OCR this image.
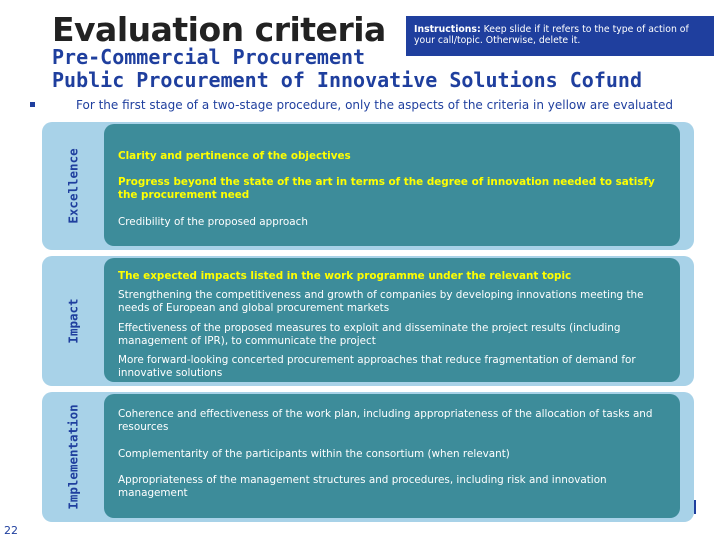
Evaluation criteria	Instructions: Keep slide if it refers to the type of action of your call/topic. Otherwise, delete it.
Pre-Commercial Procurement
Public Procurement of Innovative Solutions Cofund
For the first stage of a two-stage procedure, only the aspects of the criteria in yellow are evaluated
Excellence	Clarity and pertinence of the objectives
Progress beyond the state of the art in terms of the degree of innovation needed to satisfy the procurement need
Credibility of the proposed approach
Impact
The expected impacts listed in the work programme under the relevant topic
Strengthening the competitiveness and growth of companies by developing innovations meeting the needs of European and global procurement markets
Effectiveness of the proposed measures to exploit and disseminate the project results (including management of IPR), to communicate the project
More forward-looking concerted procurement approaches that reduce fragmentation of demand for innovative solutions
Implementation	Coherence and effectiveness of the work plan, including appropriateness of the allocation of tasks and resources
Complementarity of the participants within the consortium (when relevant)
Appropriateness of the management structures and procedures, including risk and innovation management
22
